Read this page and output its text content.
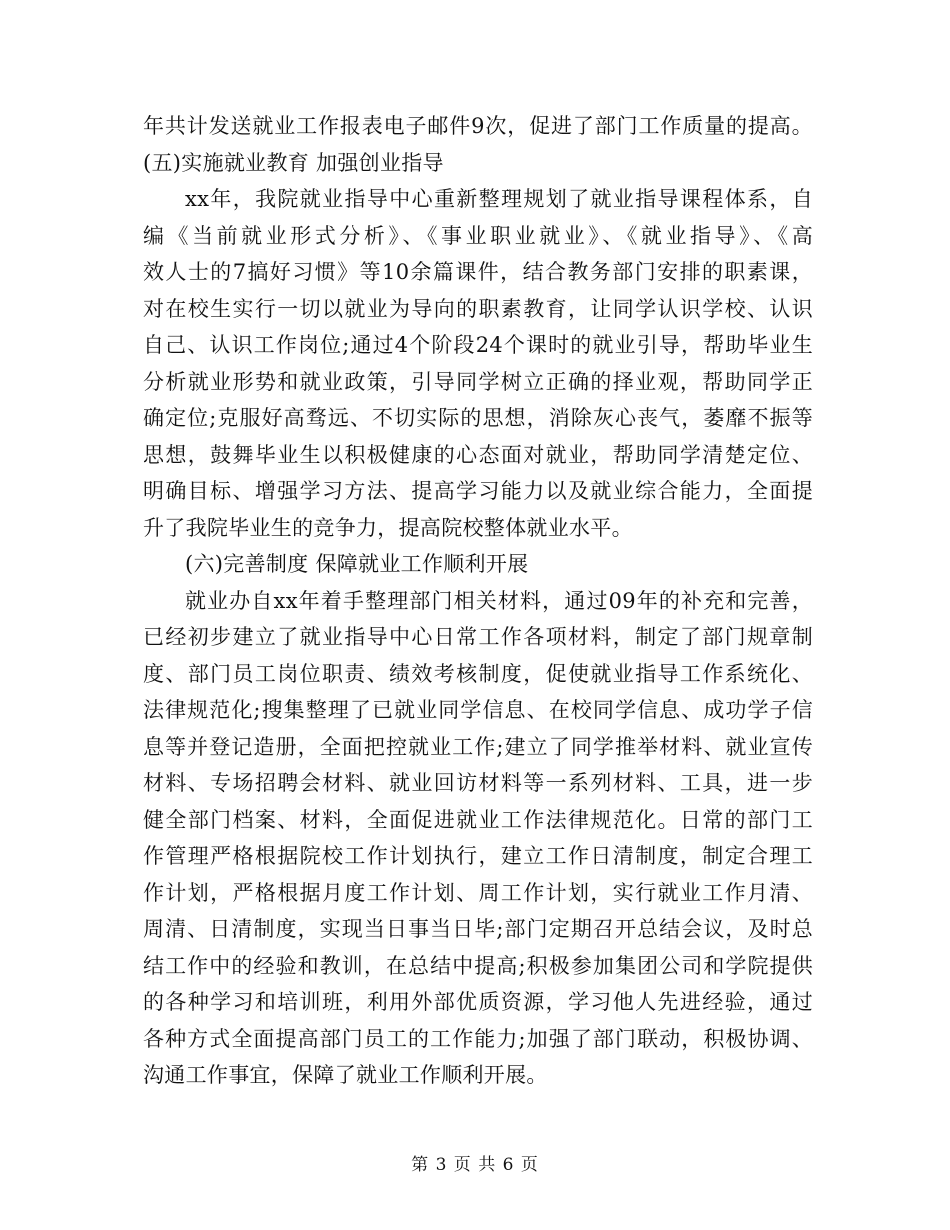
年共计发送就业工作报表电子邮件9次，促进了部门工作质量的提高。
(五)实施就业教育 加强创业指导
xx年，我院就业指导中心重新整理规划了就业指导课程体系，自
编《当前就业形式分析》、《事业职业就业》、《就业指导》、《高
效人士的7搞好习惯》等10余篇课件，结合教务部门安排的职素课，
对在校生实行一切以就业为导向的职素教育，让同学认识学校、认识
自己、认识工作岗位;通过4个阶段24个课时的就业引导，帮助毕业生
分析就业形势和就业政策，引导同学树立正确的择业观，帮助同学正
确定位;克服好高骛远、不切实际的思想，消除灰心丧气，萎靡不振等
思想，鼓舞毕业生以积极健康的心态面对就业，帮助同学清楚定位、
明确目标、增强学习方法、提高学习能力以及就业综合能力，全面提
升了我院毕业生的竞争力，提高院校整体就业水平。
(六)完善制度 保障就业工作顺利开展
就业办自xx年着手整理部门相关材料，通过09年的补充和完善，
已经初步建立了就业指导中心日常工作各项材料，制定了部门规章制
度、部门员工岗位职责、绩效考核制度，促使就业指导工作系统化、
法律规范化;搜集整理了已就业同学信息、在校同学信息、成功学子信
息等并登记造册，全面把控就业工作;建立了同学推举材料、就业宣传
材料、专场招聘会材料、就业回访材料等一系列材料、工具，进一步
健全部门档案、材料，全面促进就业工作法律规范化。日常的部门工
作管理严格根据院校工作计划执行，建立工作日清制度，制定合理工
作计划，严格根据月度工作计划、周工作计划，实行就业工作月清、
周清、日清制度，实现当日事当日毕;部门定期召开总结会议，及时总
结工作中的经验和教训，在总结中提高;积极参加集团公司和学院提供
的各种学习和培训班，利用外部优质资源，学习他人先进经验，通过
各种方式全面提高部门员工的工作能力;加强了部门联动，积极协调、
沟通工作事宜，保障了就业工作顺利开展。
第 3 页 共 6 页
